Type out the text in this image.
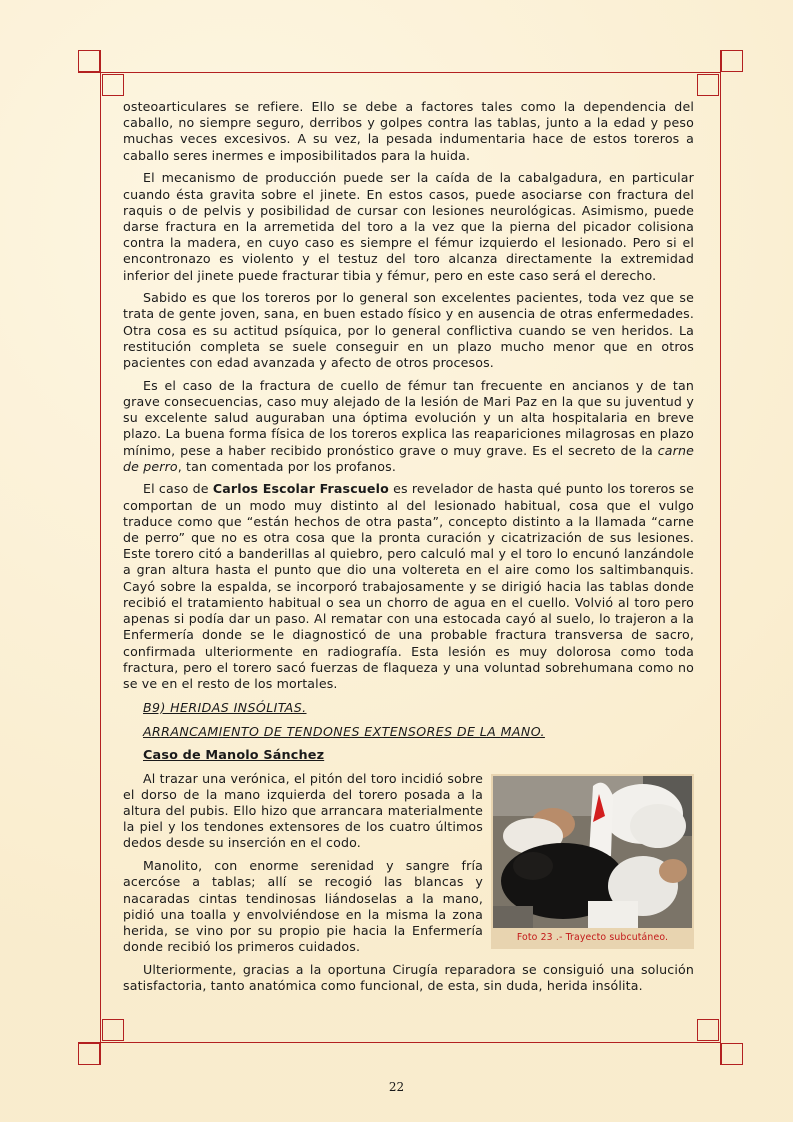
osteoarticulares se refiere. Ello se debe a factores tales como la dependencia del caballo, no siempre seguro, derribos y golpes contra las tablas, junto a la edad y peso muchas veces excesivos. A su vez, la pesada indumentaria hace de estos toreros a caballo seres inermes e imposibilitados para la huida.

El mecanismo de producción puede ser la caída de la cabalgadura, en particular cuando ésta gravita sobre el jinete. En estos casos, puede asociarse con fractura del raquis o de pelvis y posibilidad de cursar con lesiones neurológicas. Asimismo, puede darse fractura en la arremetida del toro a la vez que la pierna del picador colisiona contra la madera, en cuyo caso es siempre el fémur izquierdo el lesionado. Pero si el encontronazo es violento y el testuz del toro alcanza directamente la extremidad inferior del jinete puede fracturar tibia y fémur, pero en este caso será el derecho.

Sabido es que los toreros por lo general son excelentes pacientes, toda vez que se trata de gente joven, sana, en buen estado físico y en ausencia de otras enfermedades. Otra cosa es su actitud psíquica, por lo general conflictiva cuando se ven heridos. La restitución completa se suele conseguir en un plazo mucho menor que en otros pacientes con edad avanzada y afecto de otros procesos.

Es el caso de la fractura de cuello de fémur tan frecuente en ancianos y de tan grave consecuencias, caso muy alejado de la lesión de Mari Paz en la que su juventud y su excelente salud auguraban una óptima evolución y un alta hospitalaria en breve plazo. La buena forma física de los toreros explica las reapariciones milagrosas en plazo mínimo, pese a haber recibido pronóstico grave o muy grave. Es el secreto de la carne de perro, tan comentada por los profanos.

El caso de Carlos Escolar Frascuelo es revelador de hasta qué punto los toreros se comportan de un modo muy distinto al del lesionado habitual, cosa que el vulgo traduce como que “están hechos de otra pasta”, concepto distinto a la llamada “carne de perro” que no es otra cosa que la pronta curación y cicatrización de sus lesiones. Este torero citó a banderillas al quiebro, pero calculó mal y el toro lo encunó lanzándole a gran altura hasta el punto que dio una voltereta en el aire como los saltimbanquis. Cayó sobre la espalda, se incorporó trabajosamente y se dirigió hacia las tablas donde recibió el tratamiento habitual o sea un chorro de agua en el cuello. Volvió al toro pero apenas si podía dar un paso. Al rematar con una estocada cayó al suelo, lo trajeron a la Enfermería donde se le diagnosticó de una probable fractura transversa de sacro, confirmada ulteriormente en radiografía. Esta lesión es muy dolorosa como toda fractura, pero el torero sacó fuerzas de flaqueza y una voluntad sobrehumana como no se ve en el resto de los mortales.

B9) HERIDAS INSÓLITAS.
ARRANCAMIENTO DE TENDONES EXTENSORES DE LA MANO.
Caso de Manolo Sánchez
Foto 23 .- Trayecto subcutáneo.

Al trazar una verónica, el pitón del toro incidió sobre el dorso de la mano izquierda del torero posada a la altura del pubis. Ello hizo que arrancara materialmente la piel y los tendones extensores de los cuatro últimos dedos desde su inserción en el codo.

Manolito, con enorme serenidad y sangre fría acercóse a tablas; allí se recogió las blancas y nacaradas cintas tendinosas liándoselas a la mano, pidió una toalla y envolviéndose en la misma la zona herida, se vino por su propio pie hacia la Enfermería donde recibió los primeros cuidados.

Ulteriormente, gracias a la oportuna Cirugía reparadora se consiguió una solución satisfactoria, tanto anatómica como funcional, de esta, sin duda, herida insólita.

22
